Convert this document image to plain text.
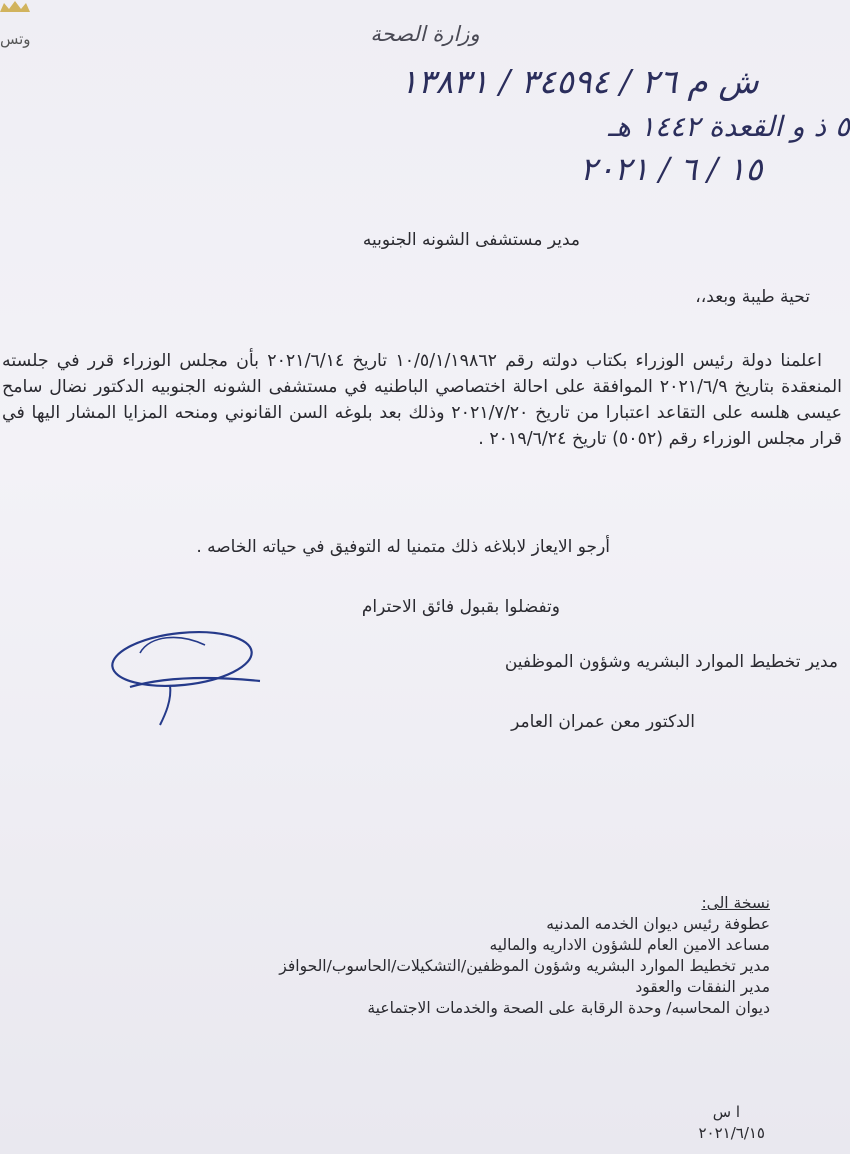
وتس	وزارة الصحة
ش م ٢٦ / ٣٤٥٩٤ / ١٣٨٣١
٥ ذ و القعدة ١٤٤٢ هـ
١٥ / ٦ / ٢٠٢١
مدير مستشفى الشونه الجنوبيه
تحية طيبة وبعد،،

اعلمنا دولة رئيس الوزراء بكتاب دولته رقم ١٠/٥/١/١٩٨٦٢ تاريخ ٢٠٢١/٦/١٤ بأن مجلس الوزراء قرر في جلسته المنعقدة بتاريخ ٢٠٢١/٦/٩ الموافقة على احالة اختصاصي الباطنيه في مستشفى الشونه الجنوبيه الدكتور نضال سامح عيسى هلسه على التقاعد اعتبارا من تاريخ ٢٠٢١/٧/٢٠ وذلك بعد بلوغه السن القانوني ومنحه المزايا المشار اليها في قرار مجلس الوزراء رقم (٥٠٥٢) تاريخ ٢٠١٩/٦/٢٤ .

أرجو الايعاز لابلاغه ذلك متمنيا له التوفيق في حياته الخاصه .
وتفضلوا بقبول فائق الاحترام
مدير تخطيط الموارد البشريه وشؤون الموظفين
الدكتور معن عمران العامر
نسخة الى:
عطوفة رئيس ديوان الخدمه المدنيه
مساعد الامين العام للشؤون الاداريه والماليه
مدير تخطيط الموارد البشريه وشؤون الموظفين/التشكيلات/الحاسوب/الحوافز
مدير النفقات والعقود
ديوان المحاسبه/ وحدة الرقابة على الصحة والخدمات الاجتماعية
ا س
٢٠٢١/٦/١٥
